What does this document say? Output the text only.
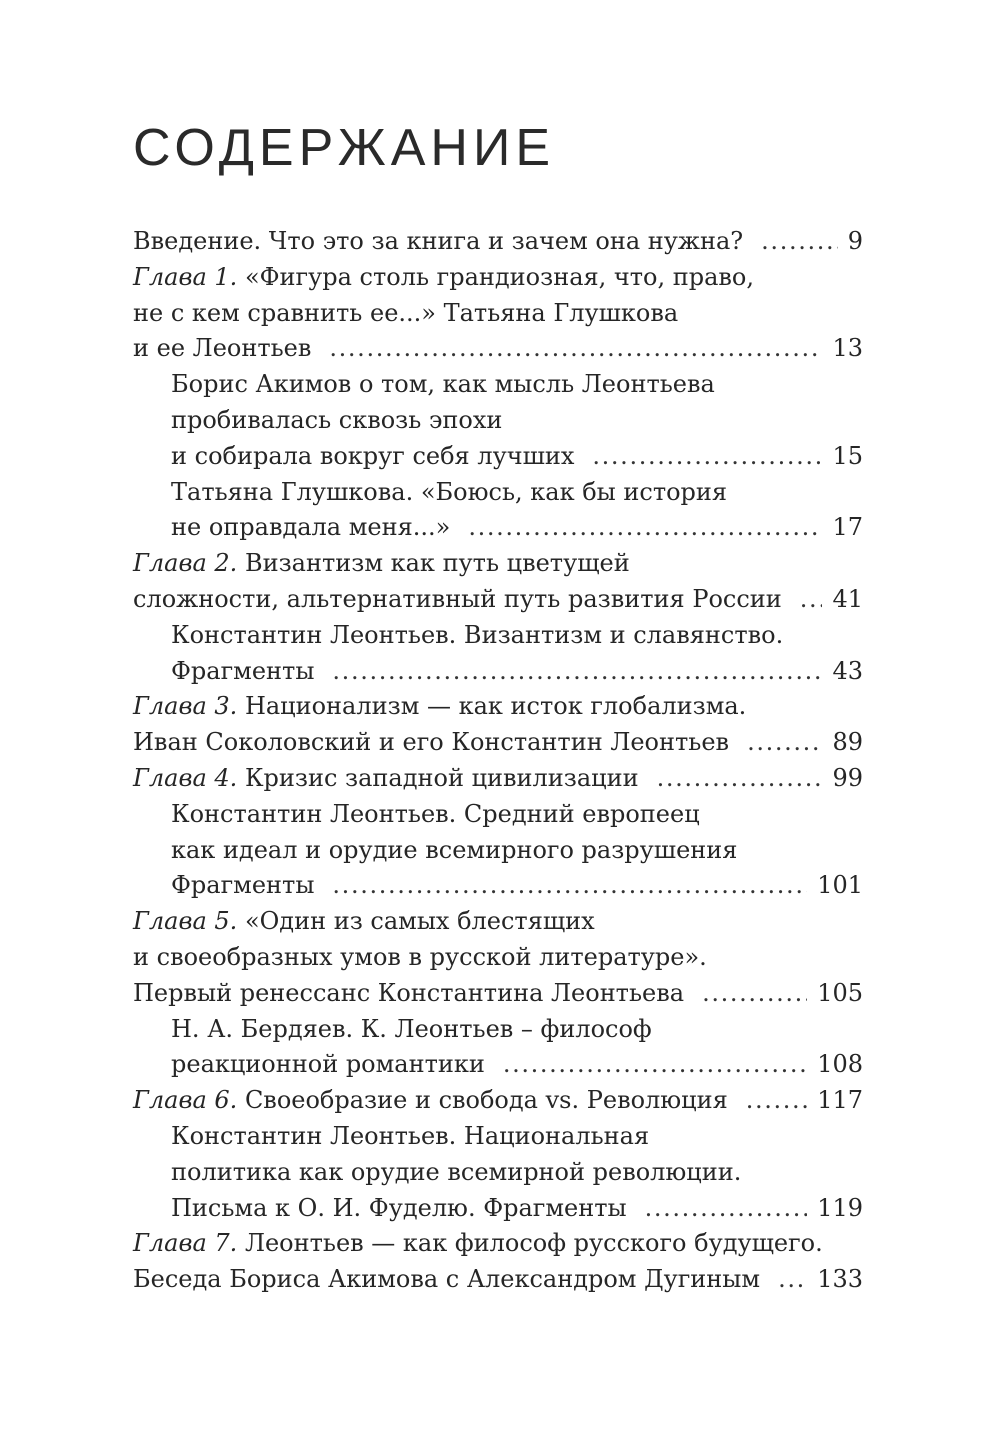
СОДЕРЖАНИЕ
Введение. Что это за книга и зачем она нужна? . . .	9
Глава 1. «Фигура столь грандиозная, что, право,
не с кем сравнить ее...» Татьяна Глушкова
и ее Леонтьев . . .	13
Борис Акимов о том, как мысль Леонтьева
пробивалась сквозь эпохи
и собирала вокруг себя лучших . . .	15
Татьяна Глушкова. «Боюсь, как бы история
не оправдала меня...» . . .	17
Глава 2. Византизм как путь цветущей
сложности, альтернативный путь развития России . . . 41
Константин Леонтьев. Византизм и славянство.
Фрагменты . . .	43
Глава 3. Национализм — как исток глобализма.
Иван Соколовский и его Константин Леонтьев . . .	89
Глава 4. Кризис западной цивилизации . . .	99
Константин Леонтьев. Средний европеец
как идеал и орудие всемирного разрушения
Фрагменты . . .	101
Глава 5. «Один из самых блестящих
и своеобразных умов в русской литературе».
Первый ренессанс Константина Леонтьева . . .	105
Н. А. Бердяев. К. Леонтьев – философ
реакционной романтики . . .	108
Глава 6. Своеобразие и свобода vs. Революция . . .	117
Константин Леонтьев. Национальная
политика как орудие всемирной революции.
Письма к О. И. Фуделю. Фрагменты . . .	119
Глава 7. Леонтьев — как философ русского будущего.
Беседа Бориса Акимова с Александром Дугиным . . . 133
